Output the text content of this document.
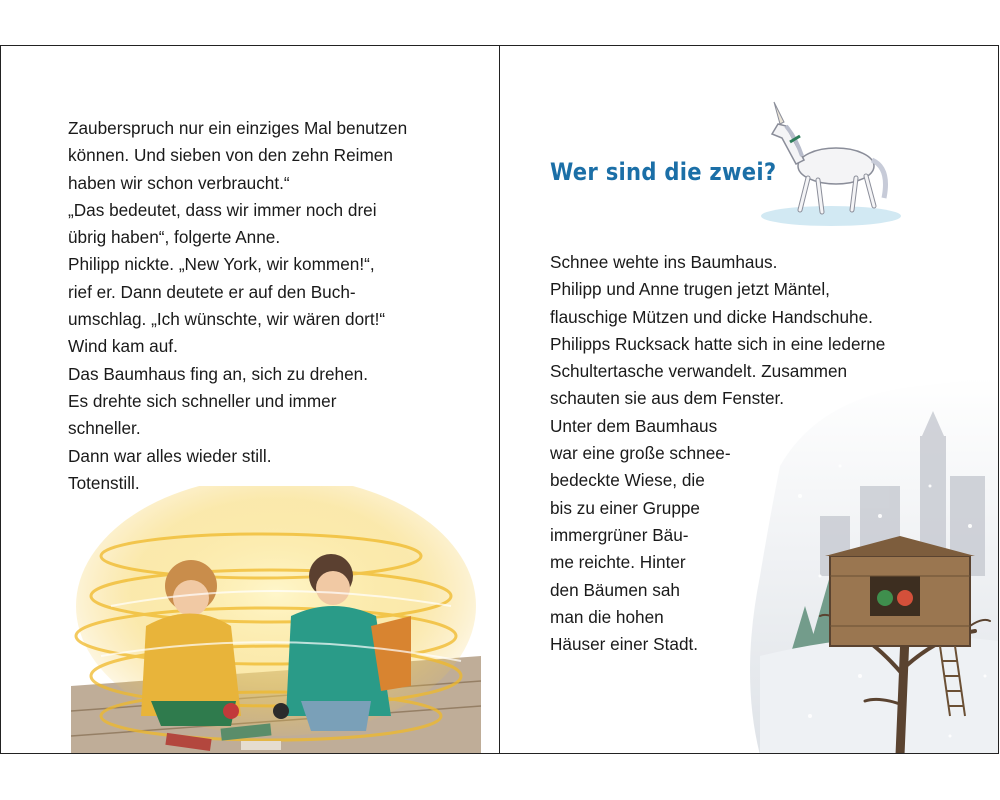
Zauberspruch nur ein einziges Mal benutzen
können. Und sieben von den zehn Reimen
haben wir schon verbraucht.“
„Das bedeutet, dass wir immer noch drei
übrig haben“, folgerte Anne.
Philipp nickte. „New York, wir kommen!“,
rief er. Dann deutete er auf den Buch-
umschlag. „Ich wünschte, wir wären dort!“
Wind kam auf.
Das Baumhaus fing an, sich zu drehen.
Es drehte sich schneller und immer
schneller.
Dann war alles wieder still.
Totenstill.
Wer sind die zwei?
Schnee wehte ins Baumhaus.
Philipp und Anne trugen jetzt Mäntel,
flauschige Mützen und dicke Handschuhe.
Philipps Rucksack hatte sich in eine lederne
Schultertasche verwandelt. Zusammen
schauten sie aus dem Fenster.
Unter dem Baumhaus
war eine große schnee-
bedeckte Wiese, die
bis zu einer Gruppe
immergrüner Bäu-
me reichte. Hinter
den Bäumen sah
man die hohen
Häuser einer Stadt.
